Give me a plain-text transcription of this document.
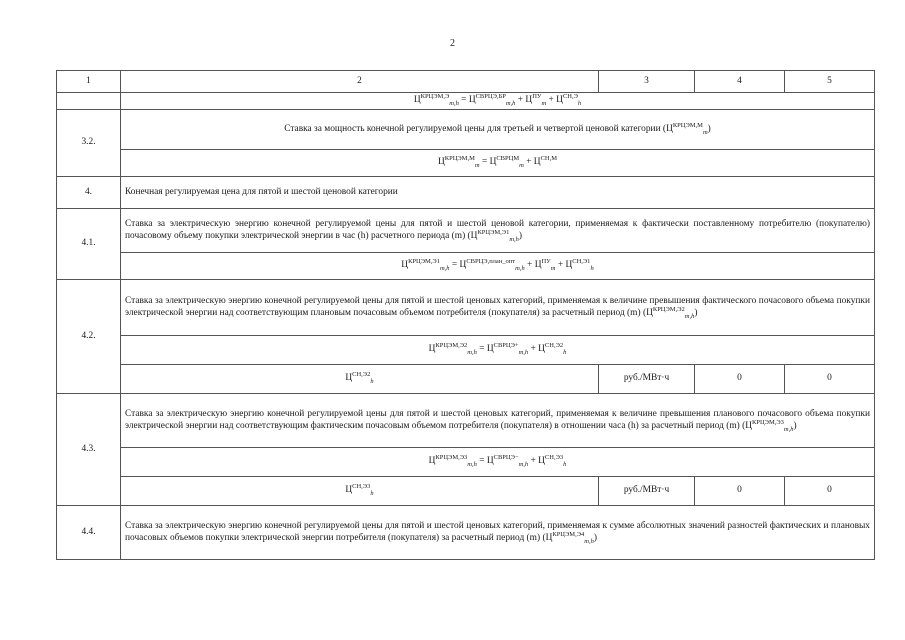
2
1	2	3	4	5
	$Ц^{КРЦЭМ,Э}_{m,h} = Ц^{СВРЦЭ,БР}_{m,h} + Ц^{ПУ}_m + Ц^{СН,Э}_h$
3.2.	Ставка за мощность конечной регулируемой цены для третьей и четвертой ценовой категории $(Ц^{КРЦЭМ,М}_m)$			
	$Ц^{КРЦЭМ,М}_m = Ц^{СВРЦМ}_m + Ц^{СН,М}$
4.	Конечная регулируемая цена для пятой и шестой ценовой категории			
4.1.	Ставка за электрическую энергию конечной регулируемой цены для пятой и шестой ценовой категории, применяемая к фактически поставленному потребителю (покупателю) почасовому объему покупки электрической энергии в час (h) расчетного периода (m) $(Ц^{КРЦЭМ,Э1}_{m,h})$			
	$Ц^{КРЦЭМ,Э1}_{m,h} = Ц^{СВРЦЭ,план\_опт}_{m,h} + Ц^{ПУ}_m + Ц^{СН,Э1}_h$
4.2.	Ставка за электрическую энергию конечной регулируемой цены для пятой и шестой ценовых категорий, применяемая к величине превышения фактического почасового объема покупки электрической энергии над соответствующим плановым почасовым объемом потребителя (покупателя) за расчетный период (m) $(Ц^{КРЦЭМ,Э2}_{m,h})$			
	$Ц^{КРЦЭМ,Э2}_{m,h} = Ц^{СВРЦЭ+}_{m,h} + Ц^{СН,Э2}_h$
	$Ц^{СН,Э2}_h$	руб./МВт·ч	0	0
4.3.	Ставка за электрическую энергию конечной регулируемой цены для пятой и шестой ценовых категорий, применяемая к величине превышения планового почасового объема покупки электрической энергии над соответствующим фактическим почасовым объемом потребителя (покупателя) в отношении часа (h) за расчетный период (m) $(Ц^{КРЦЭМ,Э3}_{m,h})$			
	$Ц^{КРЦЭМ,Э3}_{m,h} = Ц^{СВРЦЭ-}_{m,h} + Ц^{СН,Э3}_h$
	$Ц^{СН,Э3}_h$	руб./МВт·ч	0	0
4.4.	Ставка за электрическую энергию конечной регулируемой цены для пятой и шестой ценовых категорий, применяемая к сумме абсолютных значений разностей фактических и плановых почасовых объемов покупки электрической энергии потребителя (покупателя) за расчетный период (m) $(Ц^{КРЦЭМ,Э4}_{m,h})$			
